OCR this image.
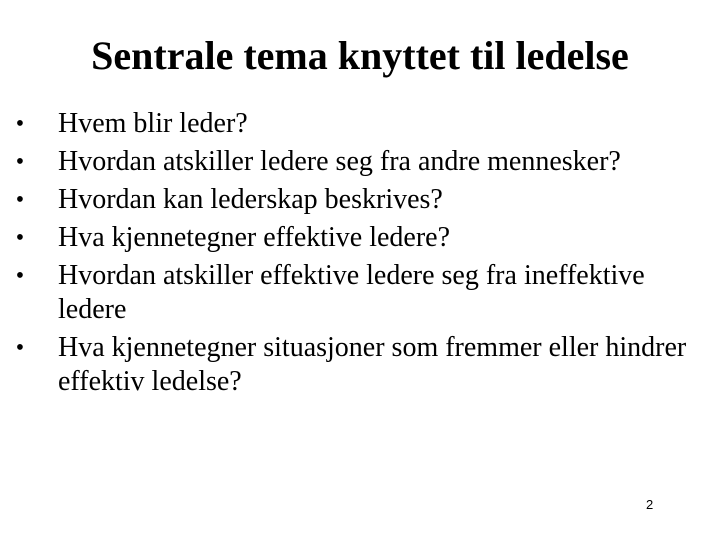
Sentrale tema knyttet til ledelse
• Hvem blir leder?
• Hvordan atskiller ledere seg fra andre mennesker?
• Hvordan kan lederskap beskrives?
• Hva kjennetegner effektive ledere?
• Hvordan atskiller effektive ledere seg fra ineffektive ledere
• Hva kjennetegner situasjoner som fremmer eller hindrer effektiv ledelse?
2
